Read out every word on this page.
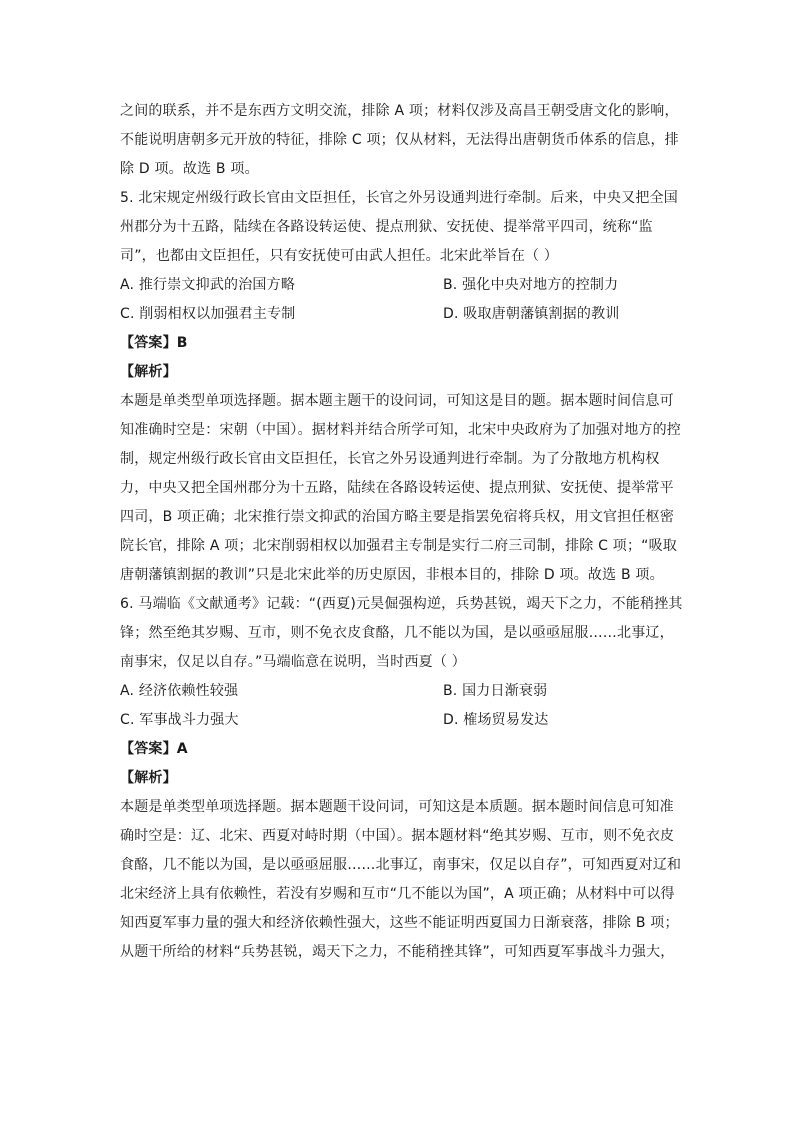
之间的联系，并不是东西方文明交流，排除 A 项；材料仅涉及高昌王朝受唐文化的影响，
不能说明唐朝多元开放的特征，排除 C 项；仅从材料，无法得出唐朝货币体系的信息，排
除 D 项。故选 B 项。
5. 北宋规定州级行政长官由文臣担任，长官之外另设通判进行牵制。后来，中央又把全国
州郡分为十五路，陆续在各路设转运使、提点刑狱、安抚使、提举常平四司，统称“监
司”，也都由文臣担任，只有安抚使可由武人担任。北宋此举旨在（ ）
A. 推行崇文抑武的治国方略	B. 强化中央对地方的控制力
C. 削弱相权以加强君主专制	D. 吸取唐朝藩镇割据的教训
【答案】B
【解析】
本题是单类型单项选择题。据本题主题干的设问词，可知这是目的题。据本题时间信息可
知准确时空是：宋朝（中国）。据材料并结合所学可知，北宋中央政府为了加强对地方的控
制，规定州级行政长官由文臣担任，长官之外另设通判进行牵制。为了分散地方机构权
力，中央又把全国州郡分为十五路，陆续在各路设转运使、提点刑狱、安抚使、提举常平
四司，B 项正确；北宋推行崇文抑武的治国方略主要是指罢免宿将兵权，用文官担任枢密
院长官，排除 A 项；北宋削弱相权以加强君主专制是实行二府三司制，排除 C 项；“吸取
唐朝藩镇割据的教训”只是北宋此举的历史原因，非根本目的，排除 D 项。故选 B 项。
6. 马端临《文献通考》记载：“(西夏)元昊倔强构逆，兵势甚锐，竭天下之力，不能稍挫其
锋；然至绝其岁赐、互市，则不免衣皮食酪，几不能以为国，是以亟亟屈服……北事辽，
南事宋，仅足以自存。”马端临意在说明，当时西夏（ ）
A. 经济依赖性较强	B. 国力日渐衰弱
C. 军事战斗力强大	D. 榷场贸易发达
【答案】A
【解析】
本题是单类型单项选择题。据本题题干设问词，可知这是本质题。据本题时间信息可知准
确时空是：辽、北宋、西夏对峙时期（中国）。据本题材料“绝其岁赐、互市，则不免衣皮
食酪，几不能以为国，是以亟亟屈服……北事辽，南事宋，仅足以自存”，可知西夏对辽和
北宋经济上具有依赖性，若没有岁赐和互市“几不能以为国”，A 项正确；从材料中可以得
知西夏军事力量的强大和经济依赖性强大，这些不能证明西夏国力日渐衰落，排除 B 项；
从题干所给的材料“兵势甚锐，竭天下之力，不能稍挫其锋”，可知西夏军事战斗力强大，
